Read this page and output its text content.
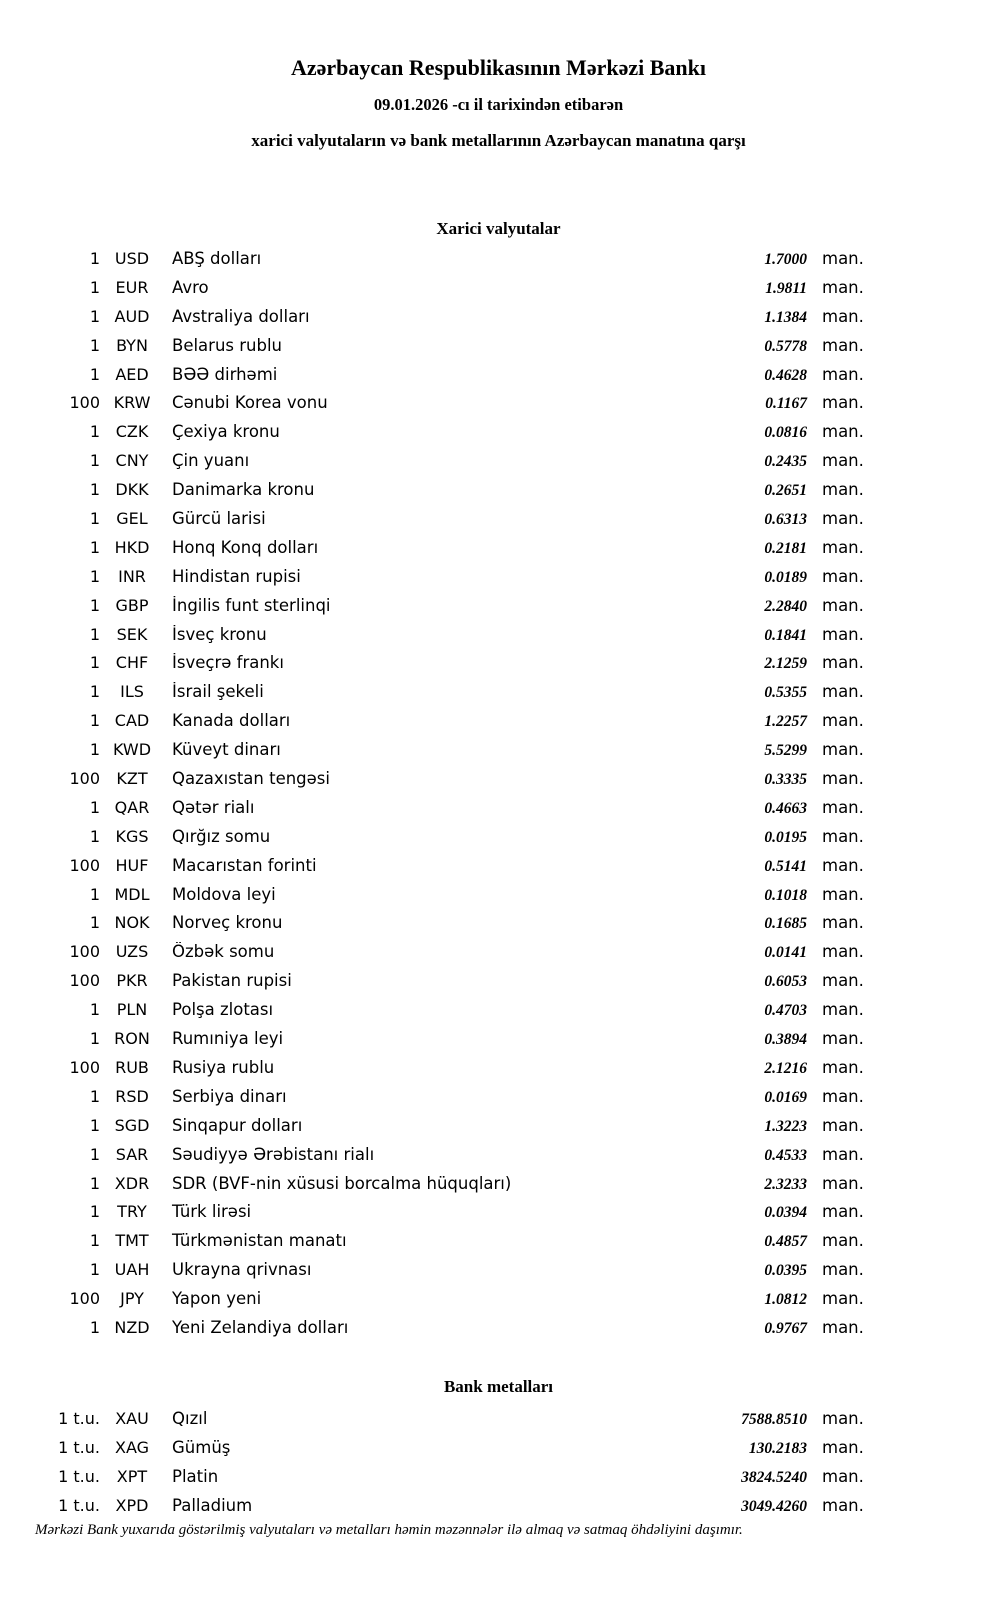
Azərbaycan Respublikasının Mərkəzi Bankı
09.01.2026 -cı il tarixindən etibarən
xarici valyutaların və bank metallarının Azərbaycan manatına qarşı
Xarici valyutalar
1 USD	ABŞ dolları	1.7000 man.
1 EUR	Avro	1.9811 man.
1 AUD	Avstraliya dolları	1.1384 man.
1	BYN	Belarus rublu	0.5778 man.
1 AED	BƏƏ dirhəmi	0.4628 man.
100 KRW	Cənubi Korea vonu	0.1167 man.
1 CZK	Çexiya kronu	0.0816 man.
1 CNY	Çin yuanı	0.2435 man.
1 DKK	Danimarka kronu	0.2651 man.
1	GEL	Gürcü larisi	0.6313 man.
1 HKD	Honq Konq dolları	0.2181 man.
1	INR	Hindistan rupisi	0.0189 man.
1 GBP	İngilis funt sterlinqi	2.2840 man.
1	SEK	İsveç kronu	0.1841 man.
1 CHF	İsveçrə frankı	2.1259 man.
1	ILS	İsrail şekeli	0.5355 man.
1 CAD	Kanada dolları	1.2257 man.
1 KWD	Küveyt dinarı	5.5299 man.
100	KZT	Qazaxıstan tengəsi	0.3335 man.
1 QAR	Qətər rialı	0.4663 man.
1 KGS	Qırğız somu	0.0195 man.
100 HUF	Macarıstan forinti	0.5141 man.
1 MDL	Moldova leyi	0.1018 man.
1 NOK	Norveç kronu	0.1685 man.
100 UZS	Özbək somu	0.0141 man.
100	PKR	Pakistan rupisi	0.6053 man.
1	PLN	Polşa zlotası	0.4703 man.
1 RON	Rumıniya leyi	0.3894 man.
100 RUB	Rusiya rublu	2.1216 man.
1 RSD	Serbiya dinarı	0.0169 man.
1 SGD	Sinqapur dolları	1.3223 man.
1 SAR	Səudiyyə Ərəbistanı rialı	0.4533 man.
1 XDR	SDR (BVF-nin xüsusi borcalma hüquqları)	2.3233 man.
1	TRY	Türk lirəsi	0.0394 man.
1 TMT	Türkmənistan manatı	0.4857 man.
1 UAH	Ukrayna qrivnası	0.0395 man.
100	JPY	Yapon yeni	1.0812 man.
1 NZD	Yeni Zelandiya dolları	0.9767 man.
Bank metalları
1 t.u. XAU	Qızıl	7588.8510 man.
1 t.u. XAG	Gümüş	130.2183 man.
1 t.u.	XPT	Platin	3824.5240 man.
1 t.u. XPD	Palladium	3049.4260 man.
Mərkəzi Bank yuxarıda göstərilmiş valyutaları və metalları həmin məzənnələr ilə almaq və satmaq öhdəliyini daşımır.
